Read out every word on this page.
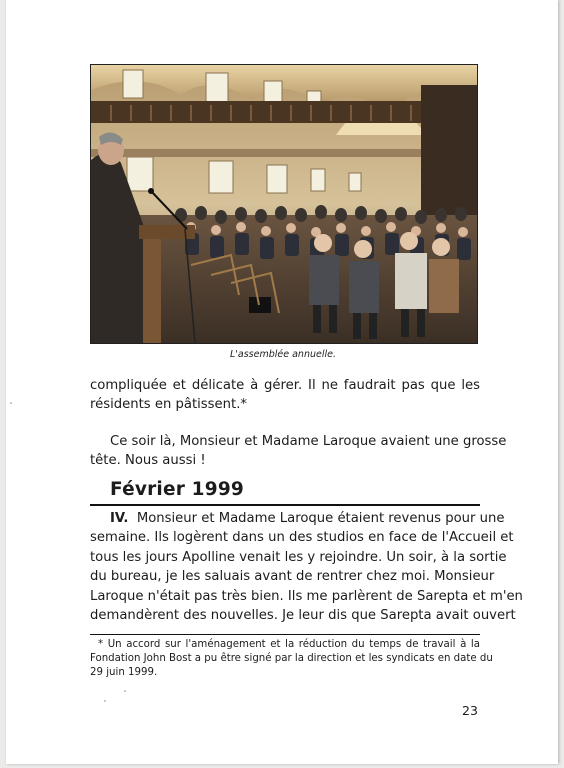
L'assemblée annuelle.
compliquée et délicate à gérer. Il ne faudrait pas que les
résidents en pâtissent.*
Ce soir là, Monsieur et Madame Laroque avaient une grosse
tête. Nous aussi !
Février 1999
IV. Monsieur et Madame Laroque étaient revenus pour une
semaine. Ils logèrent dans un des studios en face de l'Accueil et
tous les jours Apolline venait les y rejoindre. Un soir, à la sortie
du bureau, je les saluais avant de rentrer chez moi. Monsieur
Laroque n'était pas très bien. Ils me parlèrent de Sarepta et m'en
demandèrent des nouvelles. Je leur dis que Sarepta avait ouvert
* Un accord sur l'aménagement et la réduction du temps de travail à la
Fondation John Bost a pu être signé par la direction et les syndicats en date du
29 juin 1999.
23
